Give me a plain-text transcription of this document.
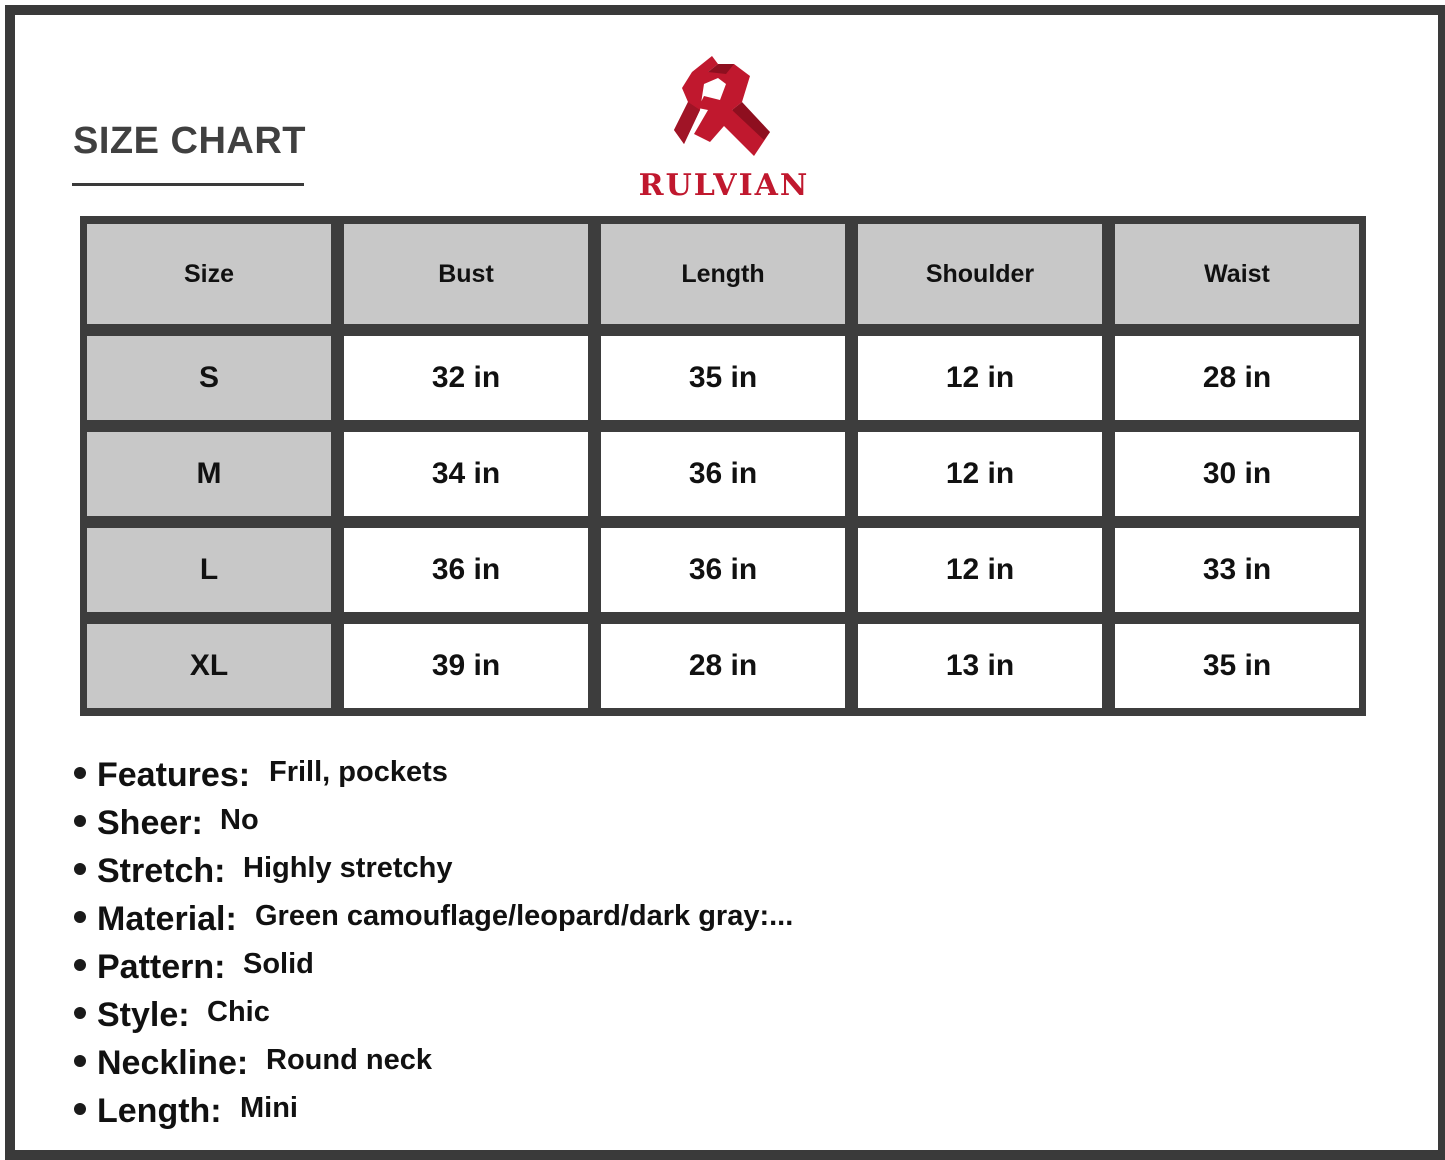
SIZE CHART
RULVIAN
Size	Bust	Length	Shoulder	Waist
S	32 in	35 in	12 in	28 in
M	34 in	36 in	12 in	30 in
L	36 in	36 in	12 in	33 in
XL	39 in	28 in	13 in	35 in
Features: Frill, pockets
Sheer: No
Stretch: Highly stretchy
Material: Green camouflage/leopard/dark gray:...
Pattern: Solid
Style: Chic
Neckline: Round neck
Length: Mini
